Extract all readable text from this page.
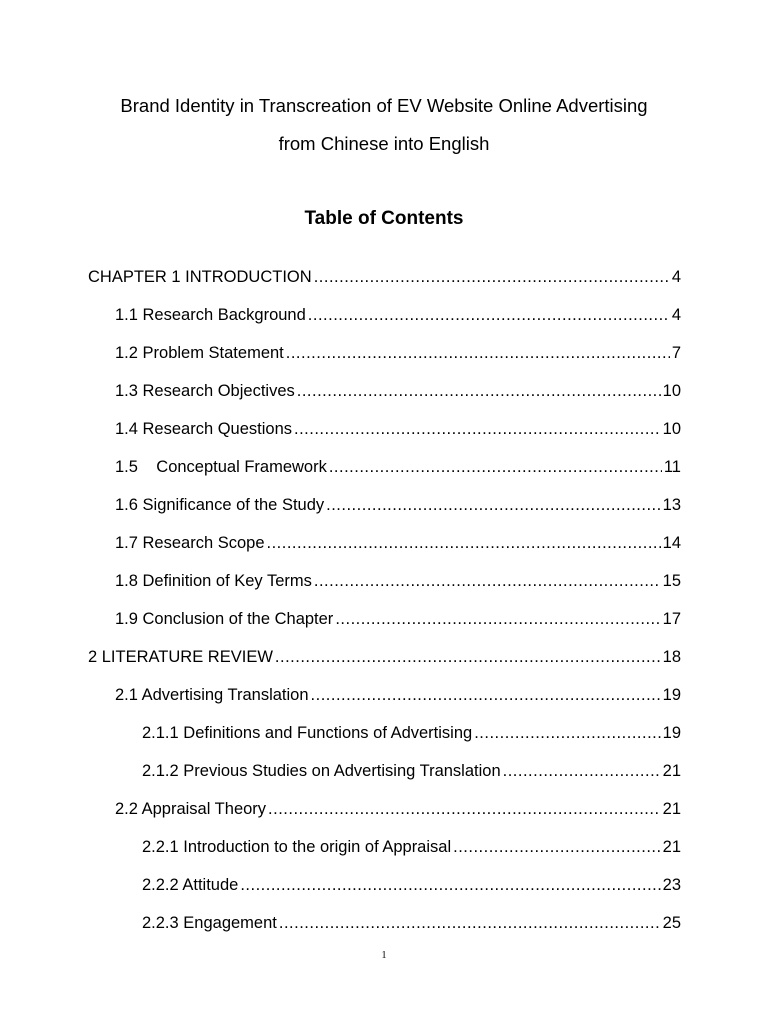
Brand Identity in Transcreation of EV Website Online Advertising
from Chinese into English
Table of Contents
CHAPTER 1 INTRODUCTION .....	4
1.1 Research Background .....	4
1.2 Problem Statement .....	7
1.3 Research Objectives .....	10
1.4 Research Questions .....	10
1.5    Conceptual Framework .....	11
1.6 Significance of the Study .....	13
1.7 Research Scope .....	14
1.8 Definition of Key Terms .....	15
1.9 Conclusion of the Chapter .....	17
2 LITERATURE REVIEW .....	18
2.1 Advertising Translation .....	19
2.1.1 Definitions and Functions of Advertising .....	19
2.1.2 Previous Studies on Advertising Translation .....	21
2.2 Appraisal Theory .....	21
2.2.1 Introduction to the origin of Appraisal .....	21
2.2.2 Attitude .....	23
2.2.3 Engagement .....	25
1
